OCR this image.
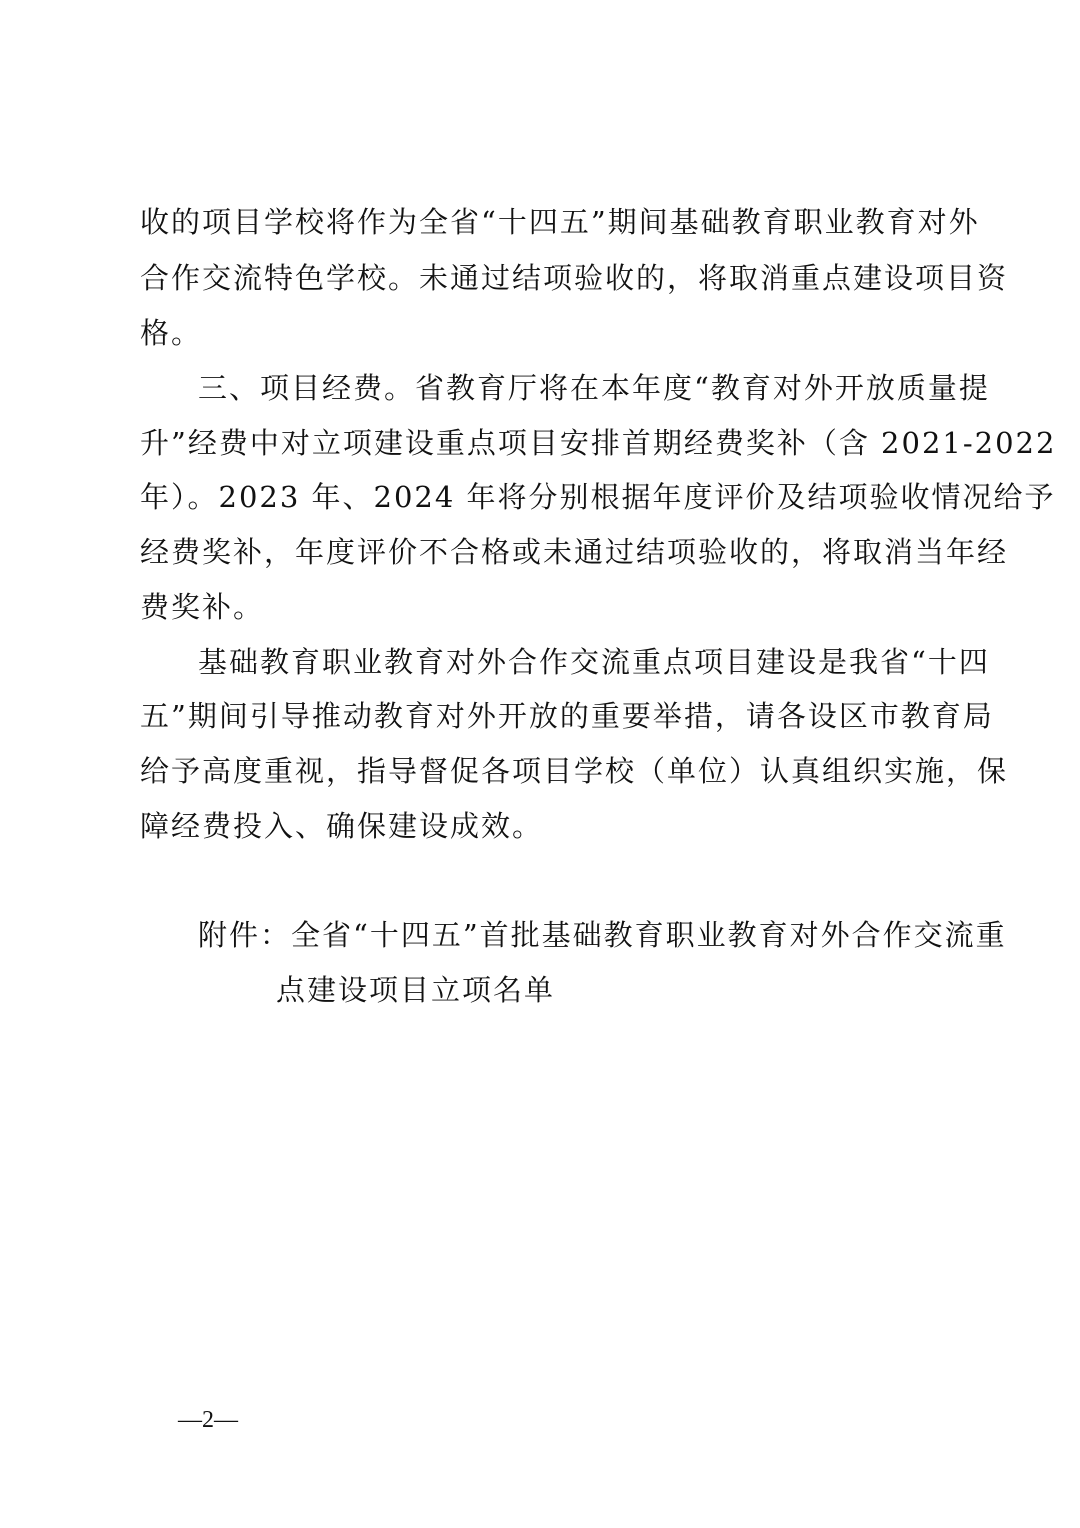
收的项目学校将作为全省“十四五”期间基础教育职业教育对外
合作交流特色学校。未通过结项验收的，将取消重点建设项目资
格。
三、项目经费。省教育厅将在本年度“教育对外开放质量提
升”经费中对立项建设重点项目安排首期经费奖补（含 2021-2022
年）。2023 年、2024 年将分别根据年度评价及结项验收情况给予
经费奖补，年度评价不合格或未通过结项验收的，将取消当年经
费奖补。
基础教育职业教育对外合作交流重点项目建设是我省“十四
五”期间引导推动教育对外开放的重要举措，请各设区市教育局
给予高度重视，指导督促各项目学校（单位）认真组织实施，保
障经费投入、确保建设成效。
附件：全省“十四五”首批基础教育职业教育对外合作交流重
点建设项目立项名单
—2—
